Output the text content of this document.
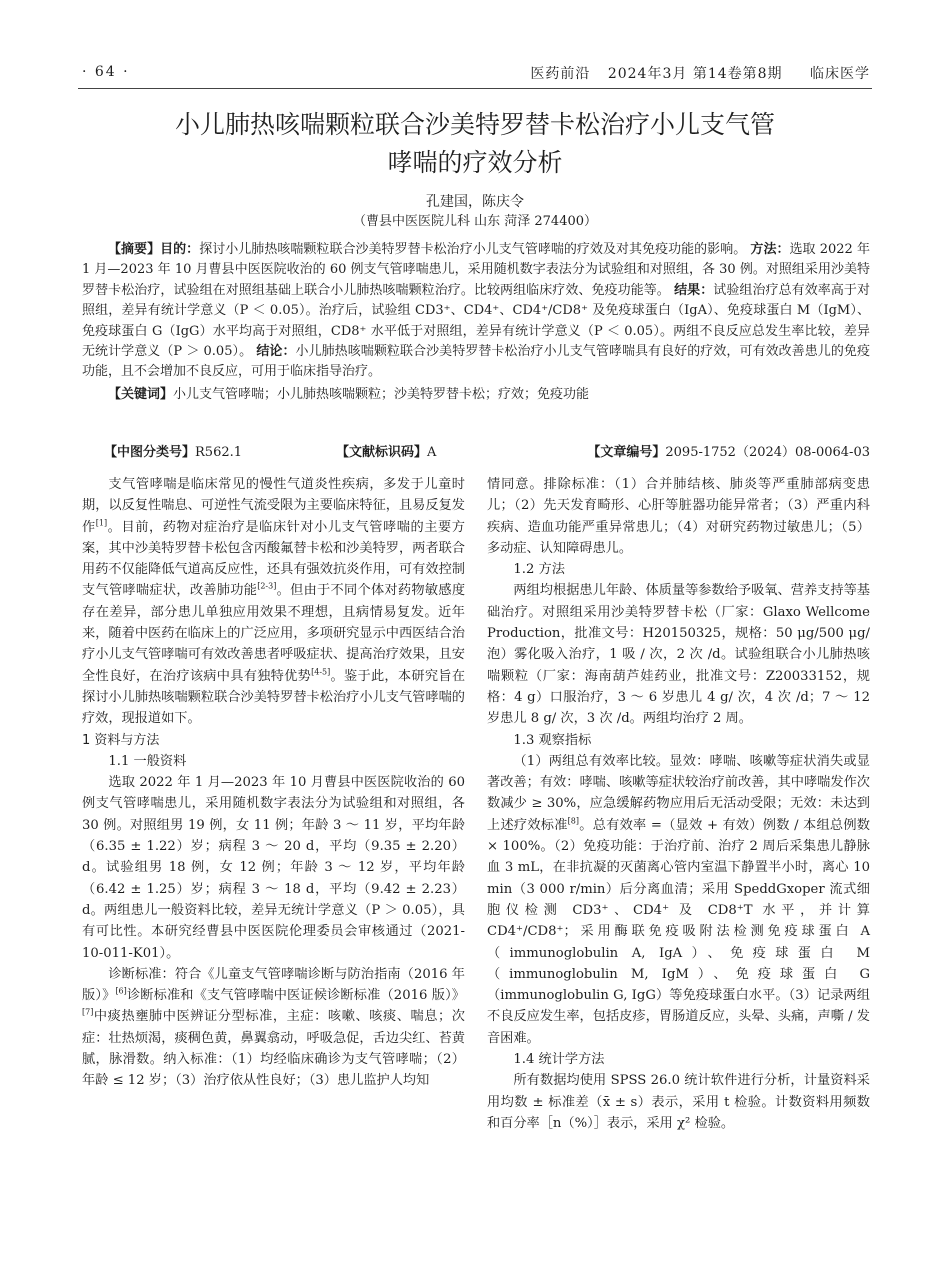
· 64 ·	医药前沿 2024年3月 第14卷第8期 临床医学
小儿肺热咳喘颗粒联合沙美特罗替卡松治疗小儿支气管
哮喘的疗效分析
孔建国，陈庆令
（曹县中医医院儿科 山东 菏泽 274400）

【摘要】目的：探讨小儿肺热咳喘颗粒联合沙美特罗替卡松治疗小儿支气管哮喘的疗效及对其免疫功能的影响。 方法：选取 2022 年 1 月—2023 年 10 月曹县中医医院收治的 60 例支气管哮喘患儿，采用随机数字表法分为试验组和对照组，各 30 例。对照组采用沙美特罗替卡松治疗，试验组在对照组基础上联合小儿肺热咳喘颗粒治疗。比较两组临床疗效、免疫功能等。 结果：试验组治疗总有效率高于对照组，差异有统计学意义（P ＜ 0.05）。治疗后，试验组 CD3⁺、CD4⁺、CD4⁺/CD8⁺ 及免疫球蛋白（IgA）、免疫球蛋白 M（IgM）、免疫球蛋白 G（IgG）水平均高于对照组，CD8⁺ 水平低于对照组，差异有统计学意义（P ＜ 0.05）。两组不良反应总发生率比较，差异无统计学意义（P ＞ 0.05）。 结论：小儿肺热咳喘颗粒联合沙美特罗替卡松治疗小儿支气管哮喘具有良好的疗效，可有效改善患儿的免疫功能，且不会增加不良反应，可用于临床指导治疗。

【关键词】小儿支气管哮喘；小儿肺热咳喘颗粒；沙美特罗替卡松；疗效；免疫功能

【中图分类号】R562.1	【文献标识码】A	【文章编号】2095-1752（2024）08-0064-03

支气管哮喘是临床常见的慢性气道炎性疾病，多发于儿童时期，以反复性喘息、可逆性气流受限为主要临床特征，且易反复发作[1]。目前，药物对症治疗是临床针对小儿支气管哮喘的主要方案，其中沙美特罗替卡松包含丙酸氟替卡松和沙美特罗，两者联合用药不仅能降低气道高反应性，还具有强效抗炎作用，可有效控制支气管哮喘症状，改善肺功能[2-3]。但由于不同个体对药物敏感度存在差异，部分患儿单独应用效果不理想，且病情易复发。近年来，随着中医药在临床上的广泛应用，多项研究显示中西医结合治疗小儿支气管哮喘可有效改善患者呼吸症状、提高治疗效果，且安全性良好，在治疗该病中具有独特优势[4-5]。鉴于此，本研究旨在探讨小儿肺热咳喘颗粒联合沙美特罗替卡松治疗小儿支气管哮喘的疗效，现报道如下。

1 资料与方法

1.1 一般资料

选取 2022 年 1 月—2023 年 10 月曹县中医医院收治的 60 例支气管哮喘患儿，采用随机数字表法分为试验组和对照组，各 30 例。对照组男 19 例，女 11 例；年龄 3 ～ 11 岁，平均年龄（6.35 ± 1.22）岁；病程 3 ～ 20 d，平均（9.35 ± 2.20）d。试验组男 18 例，女 12 例；年龄 3 ～ 12 岁，平均年龄（6.42 ± 1.25）岁；病程 3 ～ 18 d，平均（9.42 ± 2.23）d。两组患儿一般资料比较，差异无统计学意义（P ＞ 0.05），具有可比性。本研究经曹县中医医院伦理委员会审核通过（2021-10-011-K01）。

诊断标准：符合《儿童支气管哮喘诊断与防治指南（2016 年版）》[6]诊断标准和《支气管哮喘中医证候诊断标准（2016 版）》[7]中痰热壅肺中医辨证分型标准，主症：咳嗽、咳痰、喘息；次症：壮热烦渴，痰稠色黄，鼻翼翕动，呼吸急促，舌边尖红、苔黄腻，脉滑数。纳入标准：（1）均经临床确诊为支气管哮喘；（2）年龄 ≤ 12 岁；（3）治疗依从性良好；（3）患儿监护人均知

情同意。排除标准：（1）合并肺结核、肺炎等严重肺部病变患儿；（2）先天发育畸形、心肝等脏器功能异常者；（3）严重内科疾病、造血功能严重异常患儿；（4）对研究药物过敏患儿；（5）多动症、认知障碍患儿。

1.2 方法

两组均根据患儿年龄、体质量等参数给予吸氧、营养支持等基础治疗。对照组采用沙美特罗替卡松（厂家：Glaxo Wellcome Production，批准文号：H20150325，规格：50 μg/500 μg/ 泡）雾化吸入治疗，1 吸 / 次，2 次 /d。试验组联合小儿肺热咳喘颗粒（厂家：海南葫芦娃药业，批准文号：Z20033152，规格：4 g）口服治疗，3 ～ 6 岁患儿 4 g/ 次，4 次 /d；7 ～ 12 岁患儿 8 g/ 次，3 次 /d。两组均治疗 2 周。

1.3 观察指标

（1）两组总有效率比较。显效：哮喘、咳嗽等症状消失或显著改善；有效：哮喘、咳嗽等症状较治疗前改善，其中哮喘发作次数减少 ≥ 30%，应急缓解药物应用后无活动受限；无效：未达到上述疗效标准[8]。总有效率 =（显效 + 有效）例数 / 本组总例数 × 100%。（2）免疫功能：于治疗前、治疗 2 周后采集患儿静脉血 3 mL，在非抗凝的灭菌离心管内室温下静置半小时，离心 10 min（3 000 r/min）后分离血清；采用 SpeddGxoper 流式细胞仪检测 CD3⁺、CD4⁺ 及 CD8⁺T 水平，并计算 CD4⁺/CD8⁺；采用酶联免疫吸附法检测免疫球蛋白 A（immunoglobulin A, IgA）、免疫球蛋白 M（immunoglobulin M, IgM）、免疫球蛋白 G（immunoglobulin G, IgG）等免疫球蛋白水平。（3）记录两组不良反应发生率，包括皮疹，胃肠道反应，头晕、头痛，声嘶 / 发音困难。

1.4 统计学方法

所有数据均使用 SPSS 26.0 统计软件进行分析，计量资料采用均数 ± 标准差（x̄ ± s）表示，采用 t 检验。计数资料用频数和百分率［n（%）］表示，采用 χ² 检验。
